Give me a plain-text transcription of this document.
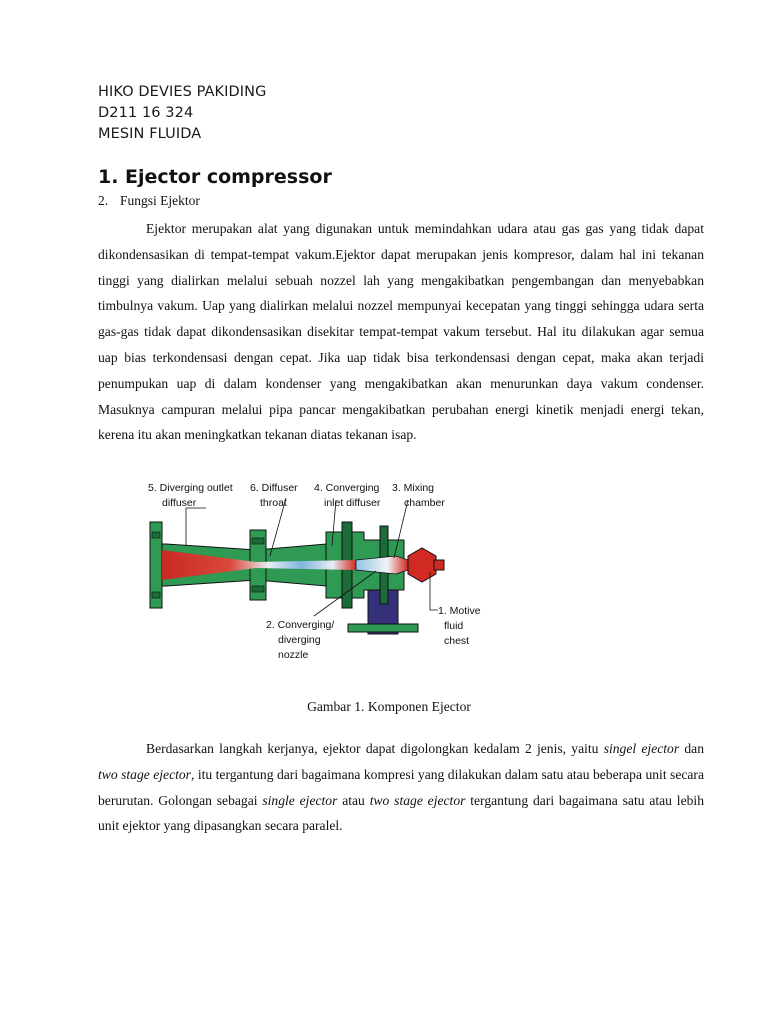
HIKO DEVIES PAKIDING
D211 16 324
MESIN FLUIDA
1. Ejector compressor
2. Fungsi Ejektor

Ejektor merupakan alat yang digunakan untuk memindahkan udara atau gas gas yang tidak dapat dikondensasikan di tempat-tempat vakum.Ejektor dapat merupakan jenis kompresor, dalam hal ini tekanan tinggi yang dialirkan melalui sebuah nozzel lah yang mengakibatkan pengembangan dan menyebabkan timbulnya vakum. Uap yang dialirkan melalui nozzel mempunyai kecepatan yang tinggi sehingga udara serta gas-gas tidak dapat dikondensasikan disekitar tempat-tempat vakum tersebut. Hal itu dilakukan agar semua uap bias terkondensasi dengan cepat. Jika uap tidak bisa terkondensasi dengan cepat, maka akan terjadi penumpukan uap di dalam kondenser yang mengakibatkan akan menurunkan daya vakum condenser. Masuknya campuran melalui pipa pancar mengakibatkan perubahan energi kinetik menjadi energi tekan, kerena itu akan meningkatkan tekanan diatas tekanan isap.

5. Diverging outlet
diffuser
6. Diffuser
throat
4. Converging
inlet diffuser
3. Mixing
chamber
2. Converging/
diverging
nozzle
1. Motive
fluid
chest
Gambar 1. Komponen Ejector

Berdasarkan langkah kerjanya, ejektor dapat digolongkan kedalam 2 jenis, yaitu singel ejector dan two stage ejector, itu tergantung dari bagaimana kompresi yang dilakukan dalam satu atau beberapa unit secara berurutan. Golongan sebagai single ejector atau two stage ejector tergantung dari bagaimana satu atau lebih unit ejektor yang dipasangkan secara paralel.
